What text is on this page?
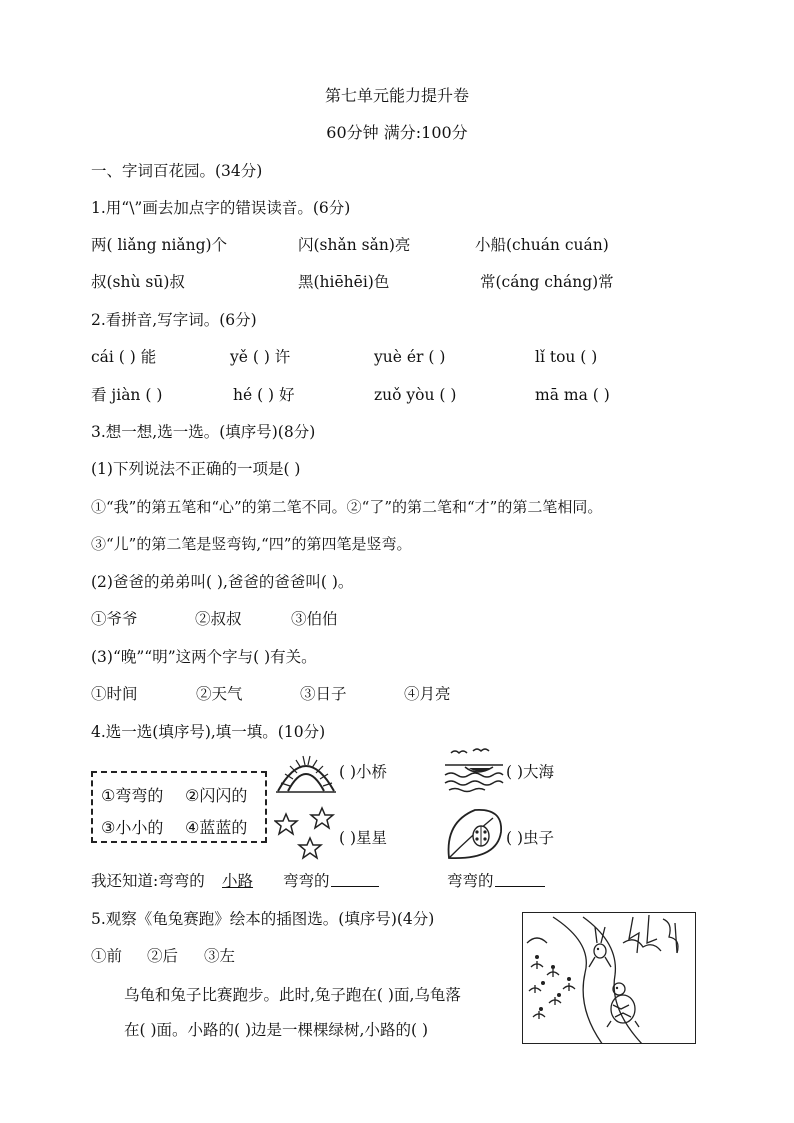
第七单元能力提升卷
60分钟 满分:100分
一、字词百花园。(34分)
1.用“\”画去加点字的错误读音。(6分)
两( liǎng niǎng)个	闪(shǎn sǎn)亮	小船(chuán cuán)
叔(shù sū)叔	黑(hiēhēi)色	常(cáng cháng)常
2.看拼音,写字词。(6分)
cái ( ) 能	yě ( ) 许	yuè ér ( )	lǐ tou ( )
看 jiàn ( )	hé ( ) 好	zuǒ yòu ( )	mā ma ( )
3.想一想,选一选。(填序号)(8分)
(1)下列说法不正确的一项是( )
①“我”的第五笔和“心”的第二笔不同。②“了”的第二笔和“才”的第二笔相同。
③“儿”的第二笔是竖弯钩,“四”的第四笔是竖弯。
(2)爸爸的弟弟叫( ),爸爸的爸爸叫( )。
①爷爷	②叔叔	③伯伯
(3)“晚”“明”这两个字与( )有关。
①时间	②天气	③日子	④月亮
4.选一选(填序号),填一填。(10分)
①弯弯的 ②闪闪的
③小小的 ④蓝蓝的
( )小桥	( )大海
( )星星	( )虫子
我还知道:弯弯的 小路 弯弯的	弯弯的
5.观察《龟兔赛跑》绘本的插图选。(填序号)(4分)
①前 ②后 ③左
乌龟和兔子比赛跑步。此时,兔子跑在( )面,乌龟落
在( )面。小路的( )边是一棵棵绿树,小路的( )
